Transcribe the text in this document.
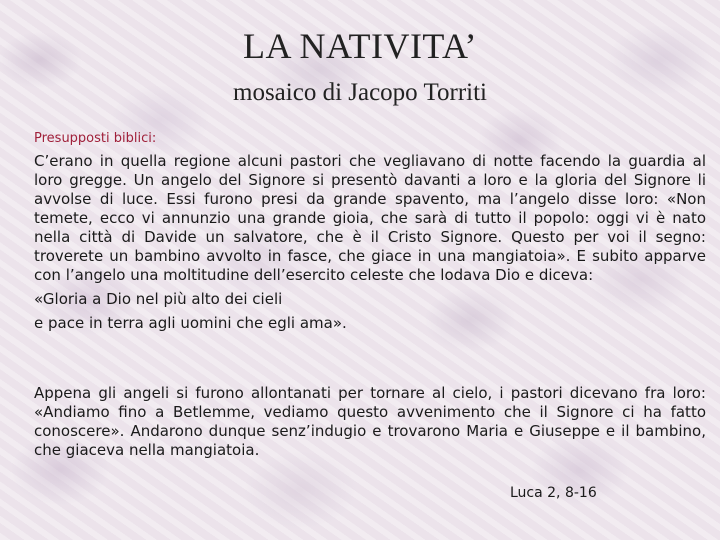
LA NATIVITA’
mosaico di Jacopo Torriti
Presupposti biblici:
C’erano in quella regione alcuni pastori che vegliavano di notte facendo la guardia al loro gregge. Un angelo del Signore si presentò davanti a loro e la gloria del Signore li avvolse di luce. Essi furono presi da grande spavento, ma l’angelo disse loro: «Non temete, ecco vi annunzio una grande gioia, che sarà di tutto il popolo: oggi vi è nato nella città di Davide un salvatore, che è il Cristo Signore. Questo per voi il segno: troverete un bambino avvolto in fasce, che giace in una mangiatoia». E subito apparve con l’angelo una moltitudine dell’esercito celeste che lodava Dio e diceva:
«Gloria a Dio nel più alto dei cieli
e pace in terra agli uomini che egli ama».
Appena gli angeli si furono allontanati per tornare al cielo, i pastori dicevano fra loro: «Andiamo fino a Betlemme, vediamo questo avvenimento che il Signore ci ha fatto conoscere». Andarono dunque senz’indugio e trovarono Maria e Giuseppe e il bambino, che giaceva nella mangiatoia.
Luca 2, 8-16
